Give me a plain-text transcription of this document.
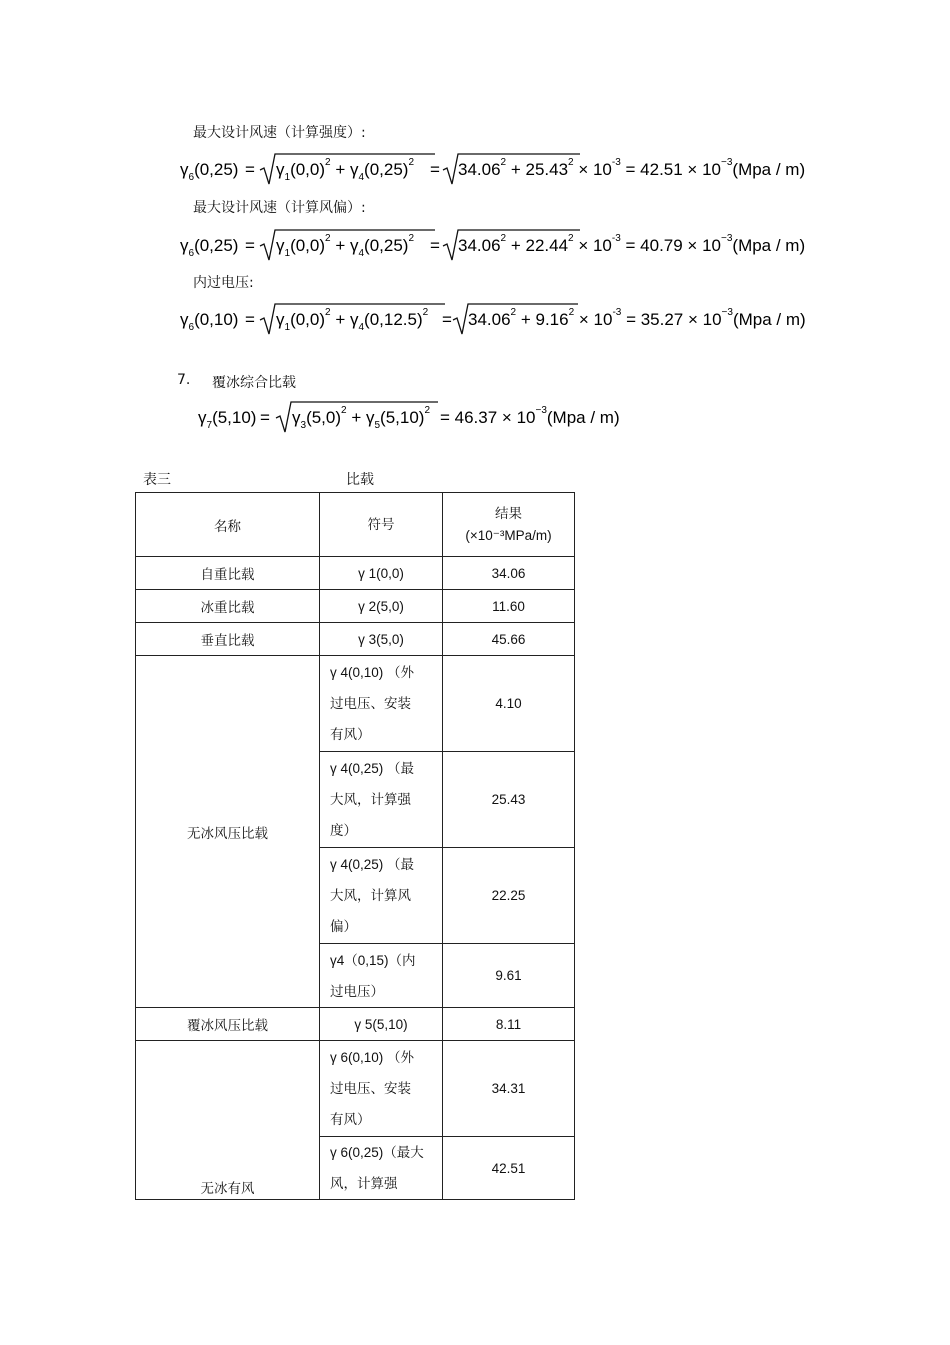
最大设计风速（计算强度）:
$\gamma_6(0,25) = \gamma_1(0,0)^2 + \gamma_4(0,25)^2 = 34.06^2 + 25.43^2 \times 10^{-3} = 42.51 \times 10^{-3}(Mpa / m)$
最大设计风速（计算风偏）:
$\gamma_6(0,25) = \gamma_1(0,0)^2 + \gamma_4(0,25)^2 = 34.06^2 + 22.44^2 \times 10^{-3} = 40.79 \times 10^{-3}(Mpa / m)$
内过电压:
$\gamma_6(0,10) = \gamma_1(0,0)^2 + \gamma_4(0,12.5)^2 = 34.06^2 + 9.16^2 \times 10^{-3} = 35.27 \times 10^{-3}(Mpa / m)$
7. 覆冰综合比载
$\gamma_7(5,10) = \gamma_3(5,0)^2 + \gamma_5(5,10)^2 = 46.37 \times 10^{-3}(Mpa / m)$
表三	比载
名称	符号	结果
(×10⁻³MPa/m)

自重比载	γ 1(0,0)	34.06
冰重比载	γ 2(5,0)	11.60
垂直比载	γ 3(5,0)	45.66
无冰风压比载	γ 4(0,10) （外
过电压、安装
有风）	4.10

	γ 4(0,25) （最
大风，计算强
度）	25.43

	γ 4(0,25) （最
大风，计算风
偏）	22.25

	γ4（0,15)（内
过电压）	9.61
覆冰风压比载	γ 5(5,10)	8.11
无冰有风	γ 6(0,10) （外
过电压、安装
有风）	34.31

	γ 6(0,25)（最大
风，计算强	42.51
